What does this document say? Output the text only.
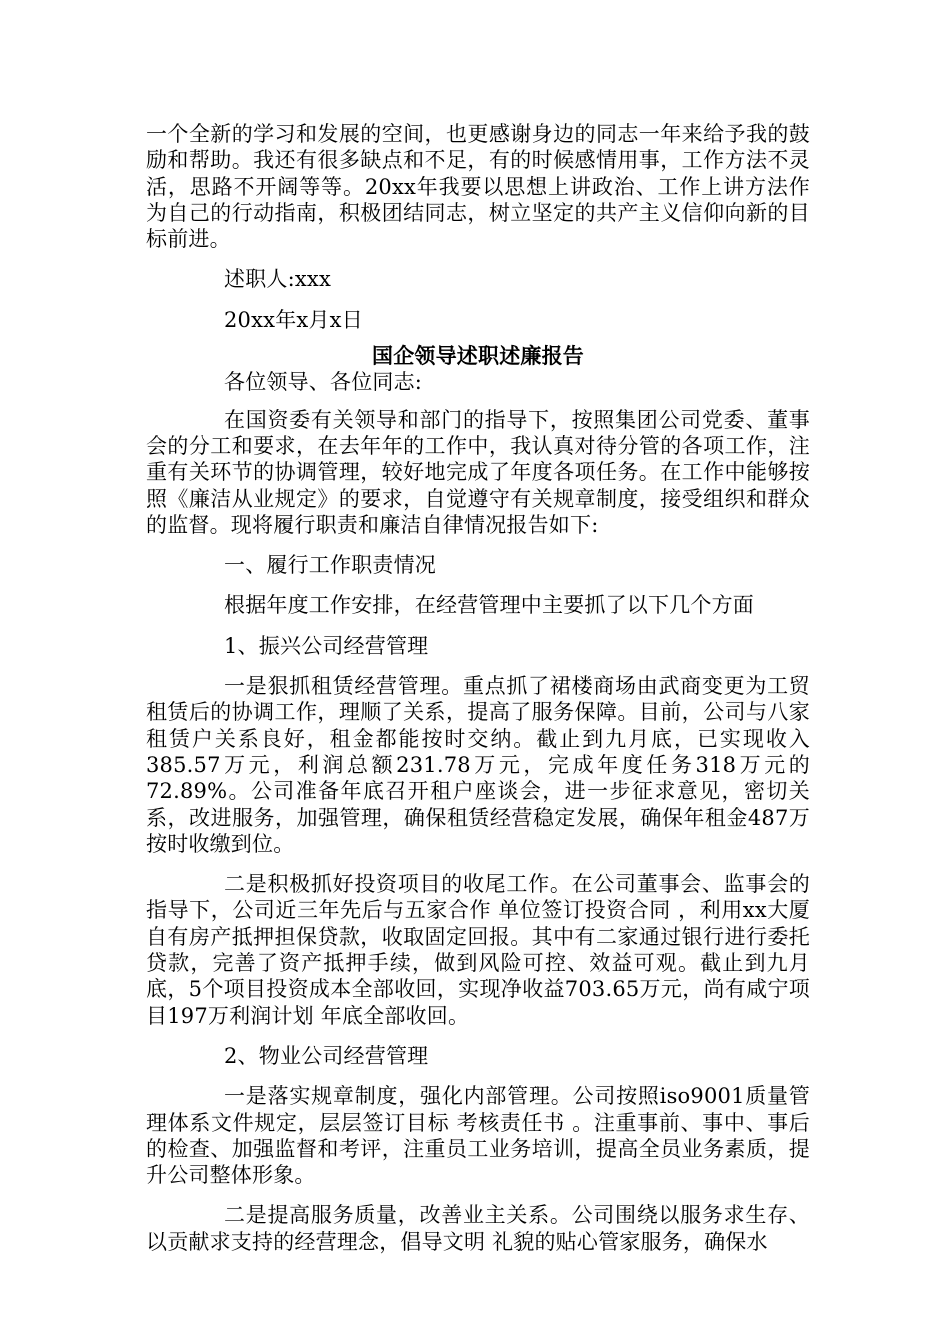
一个全新的学习和发展的空间，也更感谢身边的同志一年来给予我的鼓励和帮助。我还有很多缺点和不足，有的时候感情用事，工作方法不灵活，思路不开阔等等。20xx年我要以思想上讲政治、工作上讲方法作为自己的行动指南，积极团结同志，树立坚定的共产主义信仰向新的目标前进。

述职人:xxx

20xx年x月x日

国企领导述职述廉报告

各位领导、各位同志:

在国资委有关领导和部门的指导下，按照集团公司党委、董事会的分工和要求，在去年年的工作中，我认真对待分管的各项工作，注重有关环节的协调管理，较好地完成了年度各项任务。在工作中能够按照《廉洁从业规定》的要求，自觉遵守有关规章制度，接受组织和群众的监督。现将履行职责和廉洁自律情况报告如下:

一、履行工作职责情况

根据年度工作安排，在经营管理中主要抓了以下几个方面

1、振兴公司经营管理

一是狠抓租赁经营管理。重点抓了裙楼商场由武商变更为工贸租赁后的协调工作，理顺了关系，提高了服务保障。目前，公司与八家租赁户关系良好，租金都能按时交纳。截止到九月底，已实现收入385.57万元，利润总额231.78万元，完成年度任务318万元的72.89%。公司准备年底召开租户座谈会，进一步征求意见，密切关系，改进服务，加强管理，确保租赁经营稳定发展，确保年租金487万按时收缴到位。

二是积极抓好投资项目的收尾工作。在公司董事会、监事会的指导下，公司近三年先后与五家合作 单位签订投资合同 ，利用xx大厦自有房产抵押担保贷款，收取固定回报。其中有二家通过银行进行委托贷款，完善了资产抵押手续，做到风险可控、效益可观。截止到九月底，5个项目投资成本全部收回，实现净收益703.65万元，尚有咸宁项目197万利润计划 年底全部收回。

2、物业公司经营管理

一是落实规章制度，强化内部管理。公司按照iso9001质量管理体系文件规定，层层签订目标 考核责任书 。注重事前、事中、事后的检查、加强监督和考评，注重员工业务培训，提高全员业务素质，提升公司整体形象。

二是提高服务质量，改善业主关系。公司围绕以服务求生存、以贡献求支持的经营理念，倡导文明 礼貌的贴心管家服务，确保水
